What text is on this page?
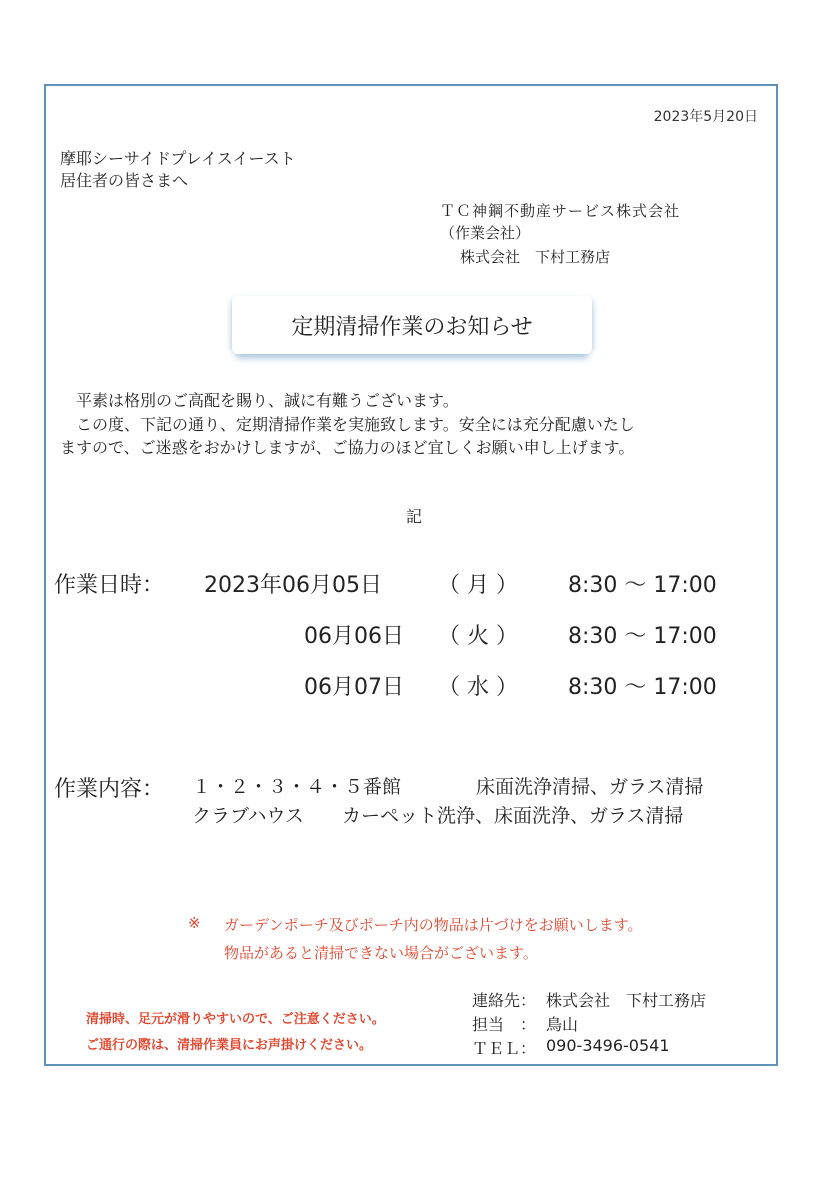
2023年5月20日
摩耶シーサイドプレイスイースト
居住者の皆さまへ
ＴＣ神鋼不動産サービス株式会社
（作業会社）
株式会社　下村工務店
定期清掃作業のお知らせ
平素は格別のご高配を賜り、誠に有難うございます。
この度、下記の通り、定期清掃作業を実施致します。安全には充分配慮いたし
ますので、ご迷惑をおかけしますが、ご協力のほど宜しくお願い申し上げます。
記
作業日時： 2023年06月05日	（ 月 ） 8:30 ～ 17:00
06月06日 （ 火 ） 8:30 ～ 17:00
06月07日 （ 水 ） 8:30 ～ 17:00
作業内容： １・２・３・４・５番館	床面洗浄清掃、ガラス清掃
クラブハウス カーペット洗浄、床面洗浄、ガラス清掃
※ ガーデンポーチ及びポーチ内の物品は片づけをお願いします。
物品があると清掃できない場合がございます。
清掃時、足元が滑りやすいので、ご注意ください。
ご通行の際は、清掃作業員にお声掛けください。
連絡先： 株式会社　下村工務店
担当　： 鳥山
ＴＥＬ： 090-3496-0541
